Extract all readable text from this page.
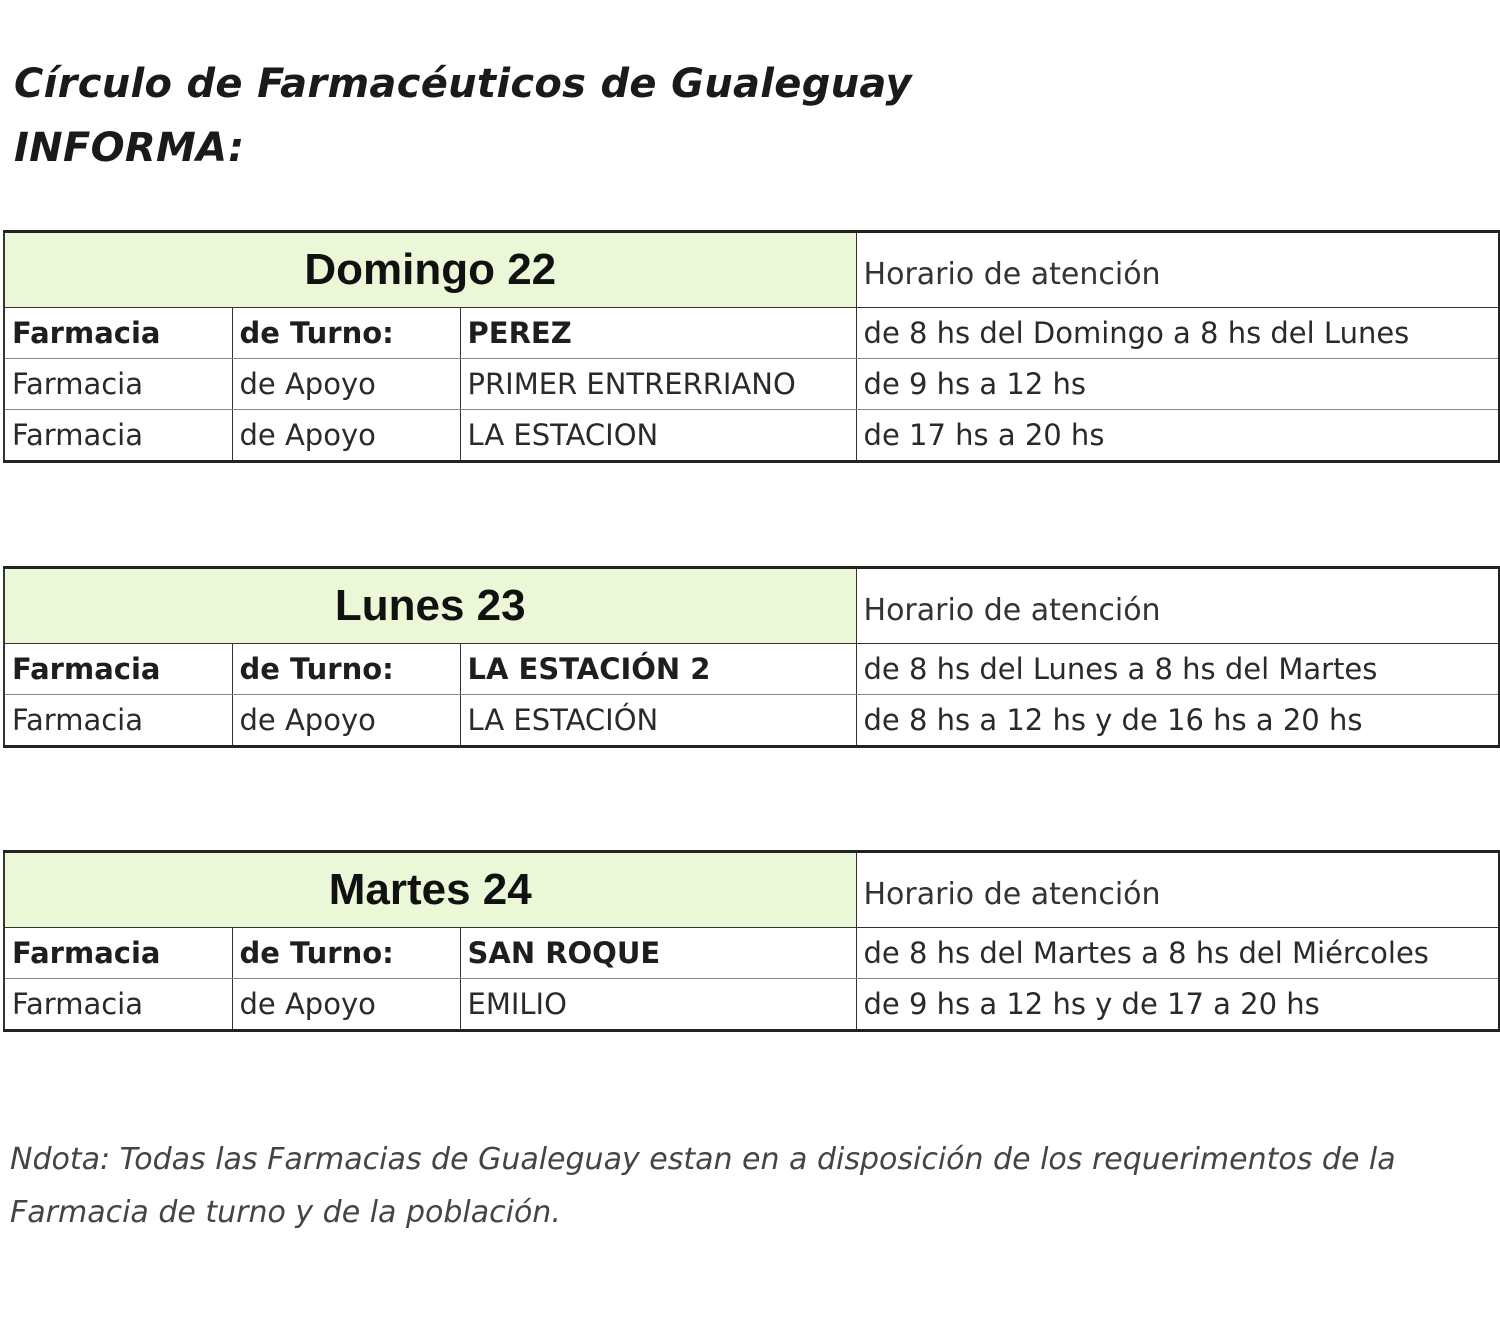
Círculo de Farmacéuticos de Gualeguay
INFORMA:
Domingo 22			Horario de atención
Farmacia	de Turno:	PEREZ	de 8 hs del Domingo a 8 hs del Lunes
Farmacia	de Apoyo	PRIMER ENTRERRIANO	de 9 hs a 12 hs
Farmacia	de Apoyo	LA ESTACION	de 17 hs a 20 hs
Lunes 23			Horario de atención
Farmacia	de Turno:	LA ESTACIÓN 2	de 8 hs del Lunes a 8 hs del Martes
Farmacia	de Apoyo	LA ESTACIÓN	de 8 hs a 12 hs y de 16 hs a 20 hs
Martes 24			Horario de atención
Farmacia	de Turno:	SAN ROQUE	de 8 hs del Martes a 8 hs del Miércoles
Farmacia	de Apoyo	EMILIO	de 9 hs a 12 hs y de 17 a 20 hs
Ndota: Todas las Farmacias de Gualeguay estan en a disposición de los requerimentos de la
Farmacia de turno y de la población.
